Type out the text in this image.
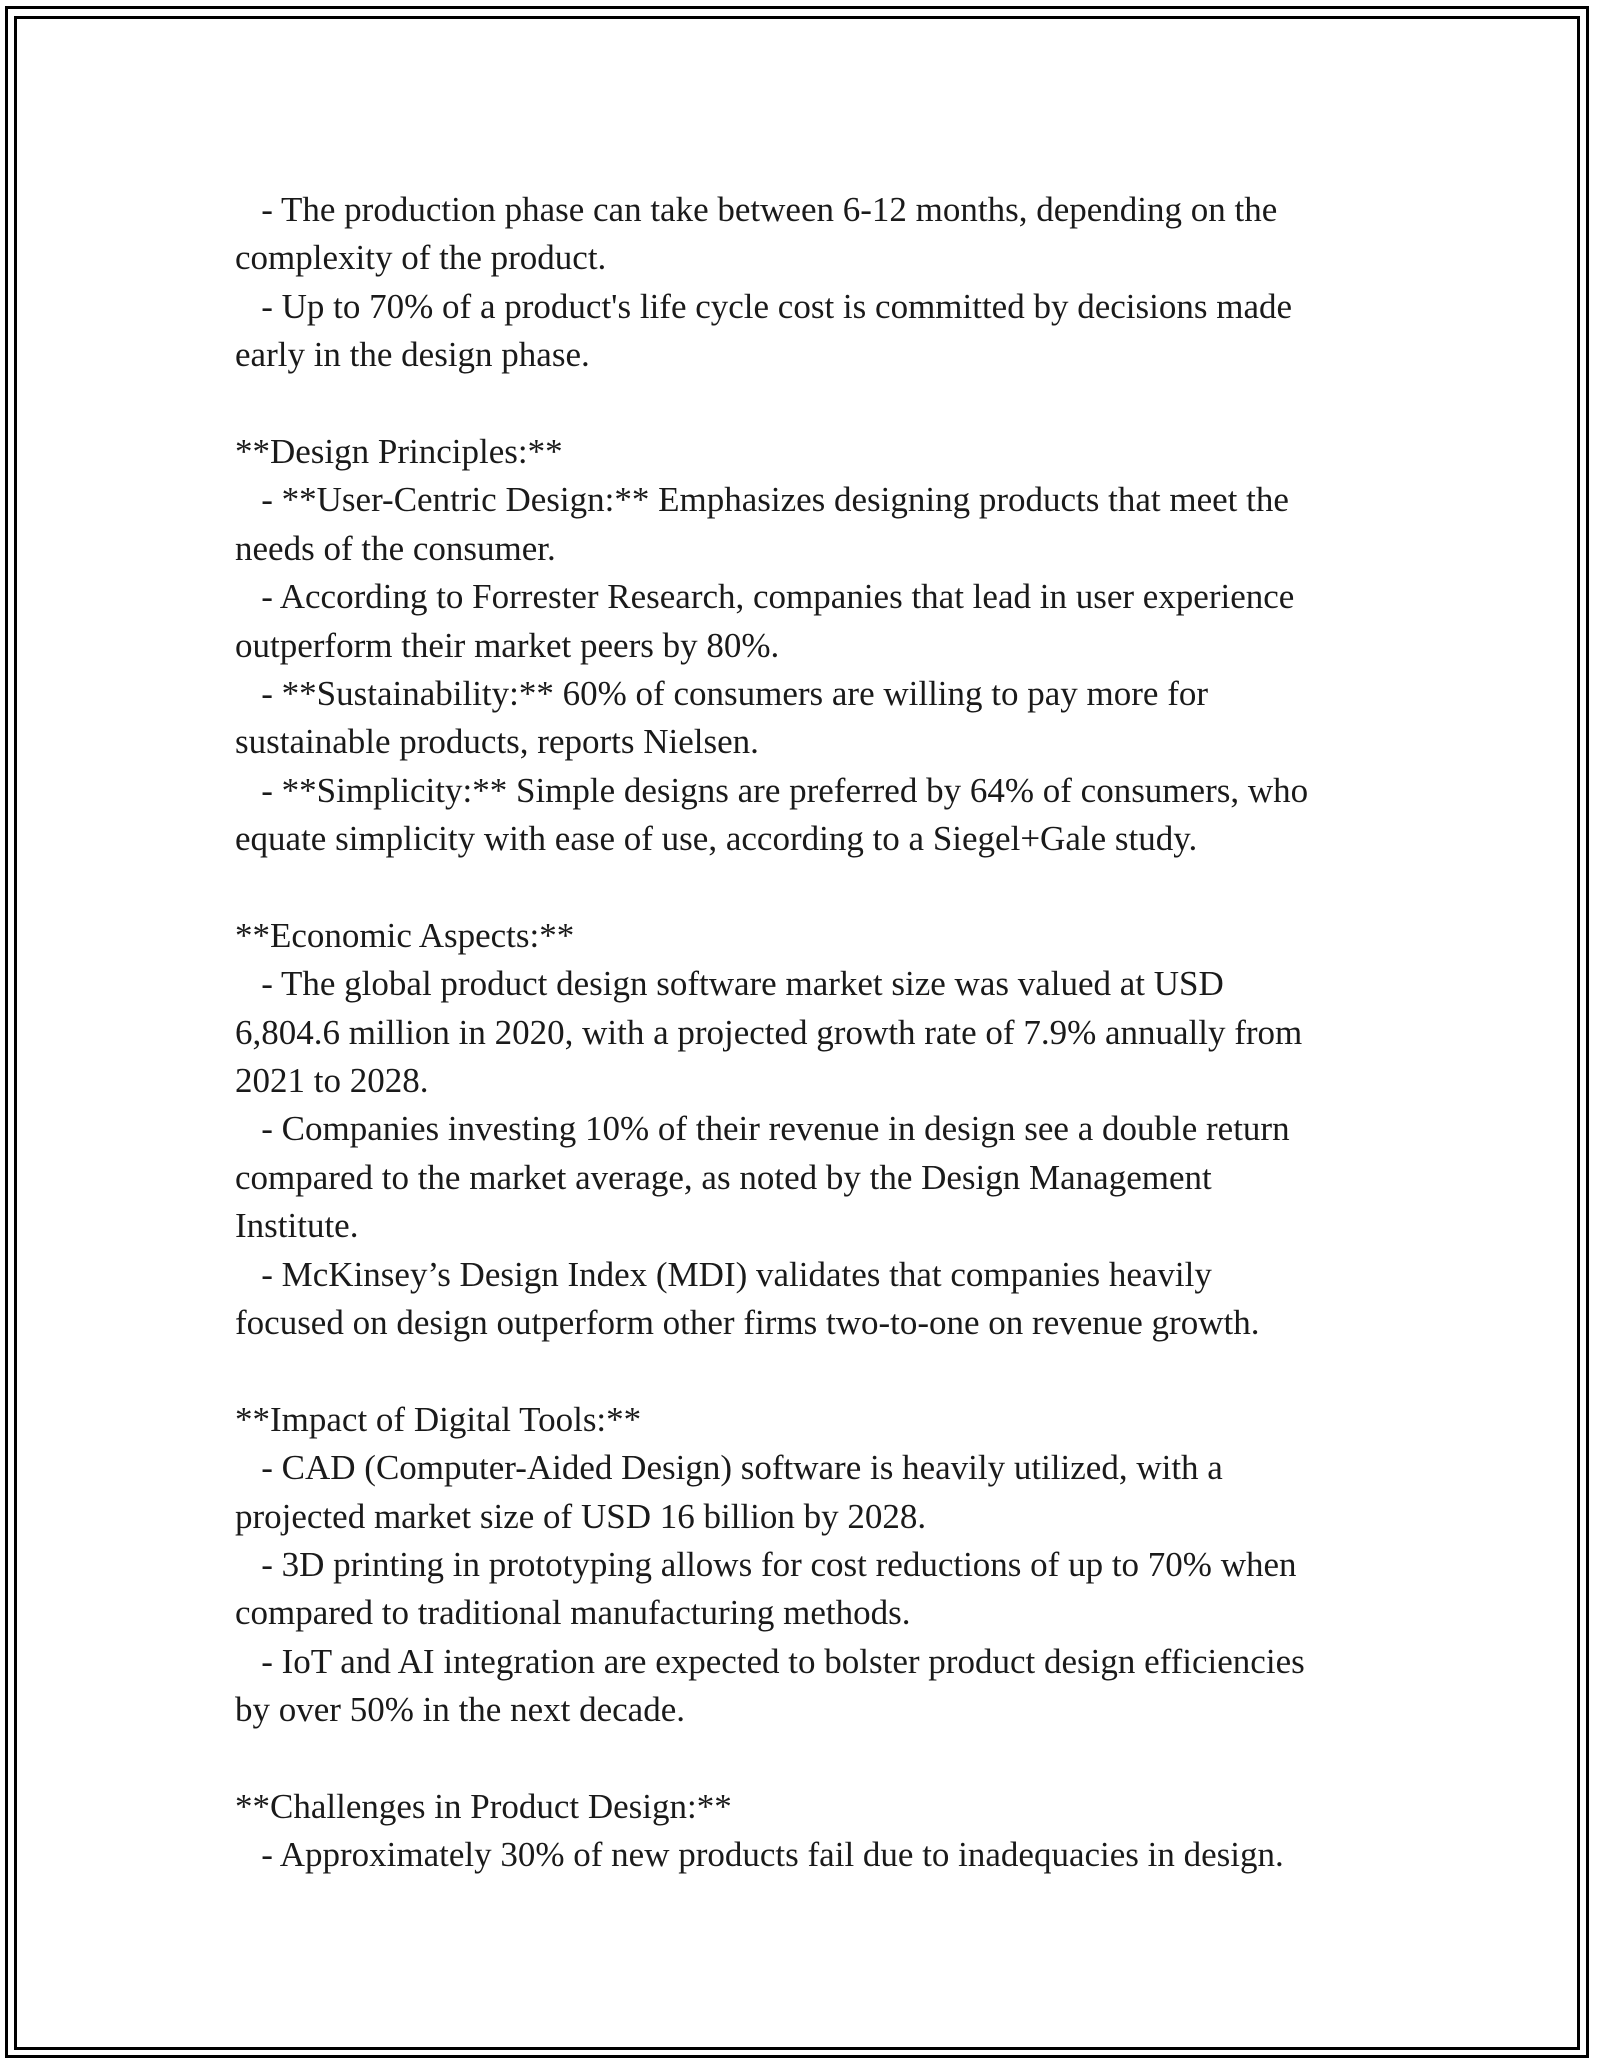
- The production phase can take between 6-12 months, depending on the
complexity of the product.
- Up to 70% of a product's life cycle cost is committed by decisions made
early in the design phase.
**Design Principles:**
- **User-Centric Design:** Emphasizes designing products that meet the
needs of the consumer.
- According to Forrester Research, companies that lead in user experience
outperform their market peers by 80%.
- **Sustainability:** 60% of consumers are willing to pay more for
sustainable products, reports Nielsen.
- **Simplicity:** Simple designs are preferred by 64% of consumers, who
equate simplicity with ease of use, according to a Siegel+Gale study.
**Economic Aspects:**
- The global product design software market size was valued at USD
6,804.6 million in 2020, with a projected growth rate of 7.9% annually from
2021 to 2028.
- Companies investing 10% of their revenue in design see a double return
compared to the market average, as noted by the Design Management
Institute.
- McKinsey’s Design Index (MDI) validates that companies heavily
focused on design outperform other firms two-to-one on revenue growth.
**Impact of Digital Tools:**
- CAD (Computer-Aided Design) software is heavily utilized, with a
projected market size of USD 16 billion by 2028.
- 3D printing in prototyping allows for cost reductions of up to 70% when
compared to traditional manufacturing methods.
- IoT and AI integration are expected to bolster product design efficiencies
by over 50% in the next decade.
**Challenges in Product Design:**
- Approximately 30% of new products fail due to inadequacies in design.
